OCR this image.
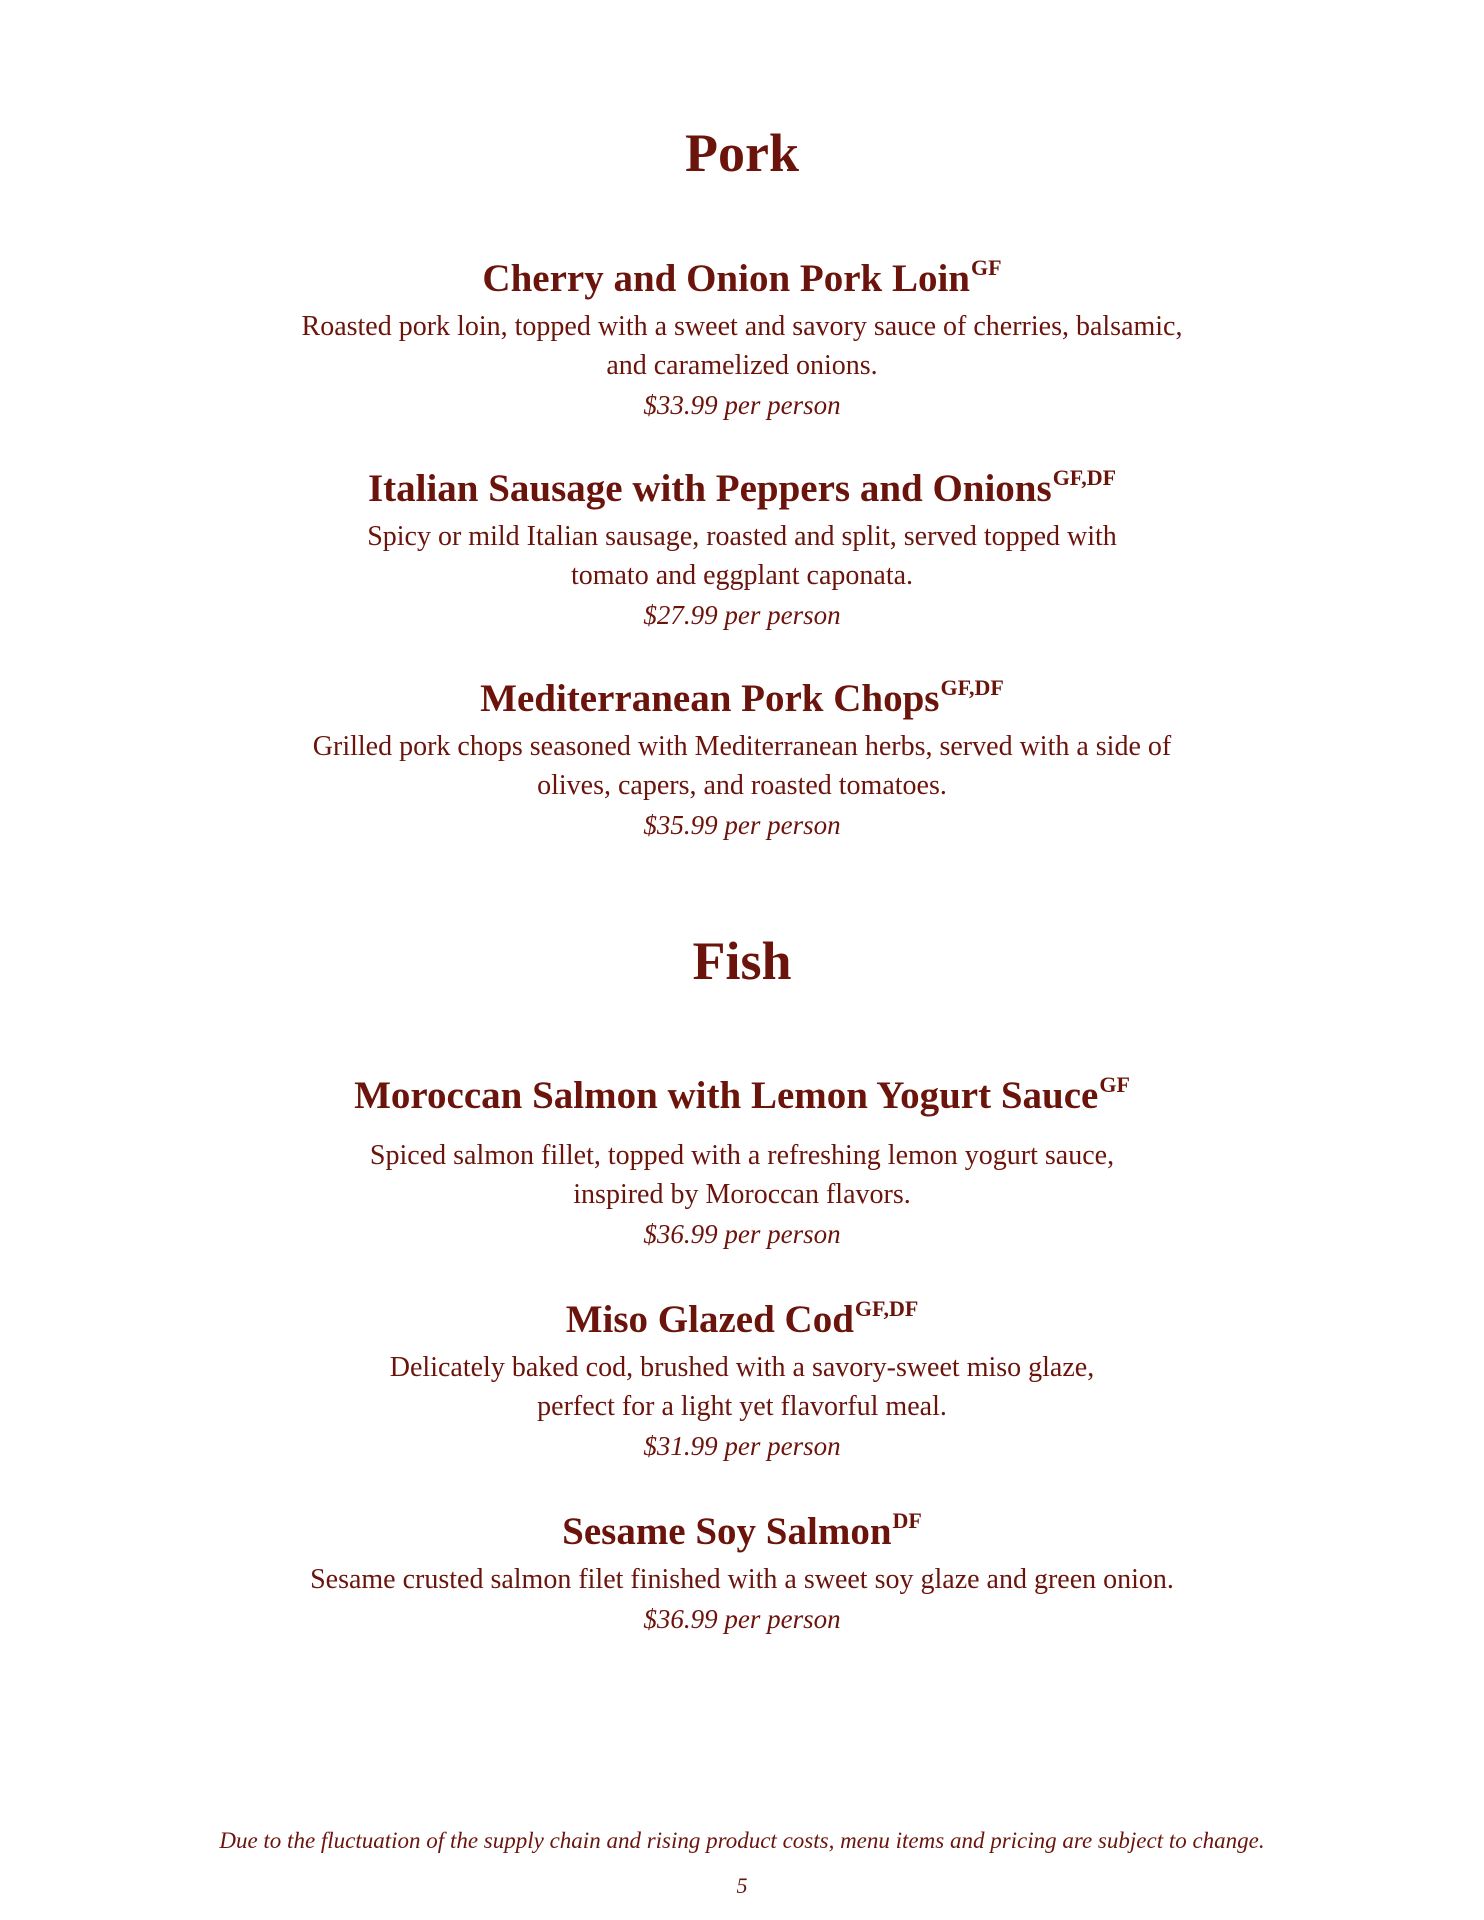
Pork
Cherry and Onion Pork Loin$^{GF}$
Roasted pork loin, topped with a sweet and savory sauce of cherries, balsamic,
and caramelized onions.
$33.99 per person
Italian Sausage with Peppers and Onions$^{GF,DF}$
Spicy or mild Italian sausage, roasted and split, served topped with
tomato and eggplant caponata.
$27.99 per person
Mediterranean Pork Chops$^{GF,DF}$
Grilled pork chops seasoned with Mediterranean herbs, served with a side of
olives, capers, and roasted tomatoes.
$35.99 per person
Fish
Moroccan Salmon with Lemon Yogurt Sauce$^{GF}$
Spiced salmon fillet, topped with a refreshing lemon yogurt sauce,
inspired by Moroccan flavors.
$36.99 per person
Miso Glazed Cod$^{GF,DF}$
Delicately baked cod, brushed with a savory-sweet miso glaze,
perfect for a light yet flavorful meal.
$31.99 per person
Sesame Soy Salmon$^{DF}$
Sesame crusted salmon filet finished with a sweet soy glaze and green onion.
$36.99 per person
Due to the fluctuation of the supply chain and rising product costs, menu items and pricing are subject to change.
5
